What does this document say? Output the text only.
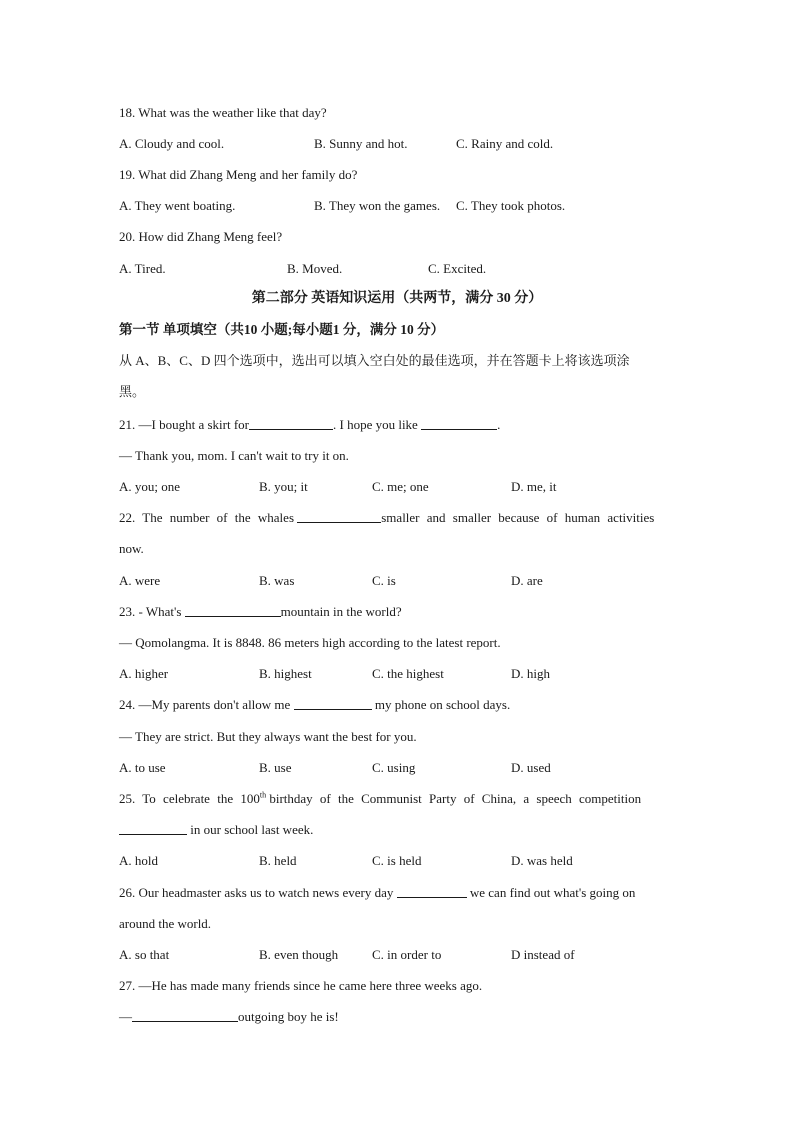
18. What was the weather like that day?
A. Cloudy and cool.	B. Sunny and hot.	C. Rainy and cold.
19. What did Zhang Meng and her family do?
A. They went boating.	B. They won the games. C. They took photos.
20. How did Zhang Meng feel?
A. Tired.	B. Moved.	C. Excited.
第二部分 英语知识运用（共两节，满分 30 分）
第一节 单项填空（共10 小题;每小题1 分，满分 10 分）
从 A、B、C、D 四个选项中，选出可以填入空白处的最佳选项，并在答题卡上将该选项涂
黑。
21. —I bought a skirt for	. I hope you like	.
— Thank you, mom. I can't wait to try it on.
A. you; one	B. you; it	C. me; one	D. me, it
22. The number of the whales	smaller and smaller because of human activities
now.
A. were	B. was	C. is	D. are
23. - What's	mountain in the world?
— Qomolangma. It is 8848. 86 meters high according to the latest report.
A. higher	B. highest	C. the highest	D. high
24. —My parents don't allow me	my phone on school days.
— They are strict. But they always want the best for you.
A. to use	B. use	C. using	D. used
25. To celebrate the 100th birthday of the Communist Party of China, a speech competition
in our school last week.
A. hold	B. held	C. is held	D. was held
26. Our headmaster asks us to watch news every day	we can find out what's going on
around the world.
A. so that	B. even though	C. in order to	D instead of
27. —He has made many friends since he came here three weeks ago.
—	outgoing boy he is!
